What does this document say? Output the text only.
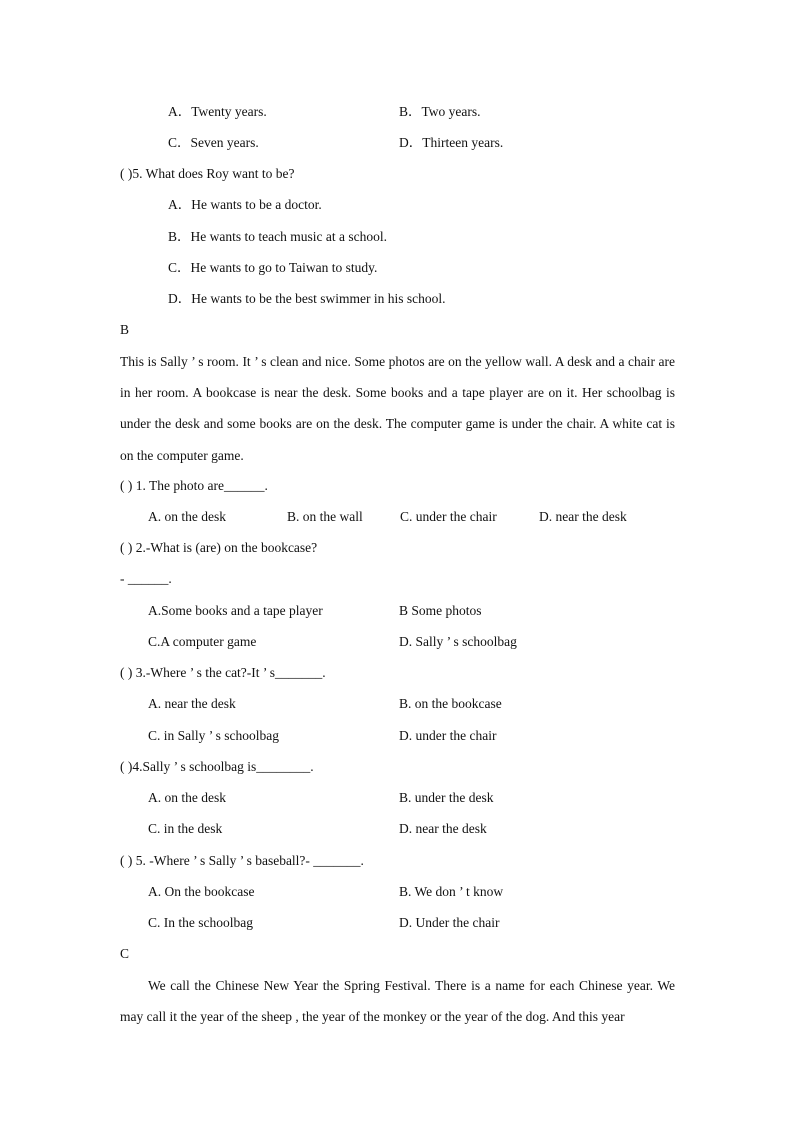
A．Twenty years.	B．Two years.
C．Seven years.	D．Thirteen years.
( )5. What does Roy want to be?
A．He wants to be a doctor.
B．He wants to teach music at a school.
C．He wants to go to Taiwan to study.
D．He wants to be the best swimmer in his school.
B
This is Sally ’ s room. It ’ s clean and nice. Some photos are on the yellow wall. A desk and a chair are in her room. A bookcase is near the desk. Some books and a tape player are on it. Her schoolbag is under the desk and some books are on the desk. The computer game is under the chair. A white cat is on the computer game.
( ) 1. The photo are______.
A. on the desk	B. on the wall	C. under the chair	D. near the desk
( ) 2.-What is (are) on the bookcase?
- ______.
A.Some books and a tape player	B Some photos
C.A computer game	D. Sally ’ s schoolbag
( ) 3.-Where ’ s the cat?-It ’ s_______.
A. near the desk	B. on the bookcase
C. in Sally ’ s schoolbag	D. under the chair
( )4.Sally ’ s schoolbag is________.
A. on the desk	B. under the desk
C. in the desk	D. near the desk
( ) 5. -Where ’ s Sally ’ s baseball?- _______.
A. On the bookcase	B. We don ’ t know
C. In the schoolbag	D. Under the chair
C
We call the Chinese New Year the Spring Festival. There is a name for each Chinese year. We may call it the year of the sheep , the year of the monkey or the year of the dog. And this year
